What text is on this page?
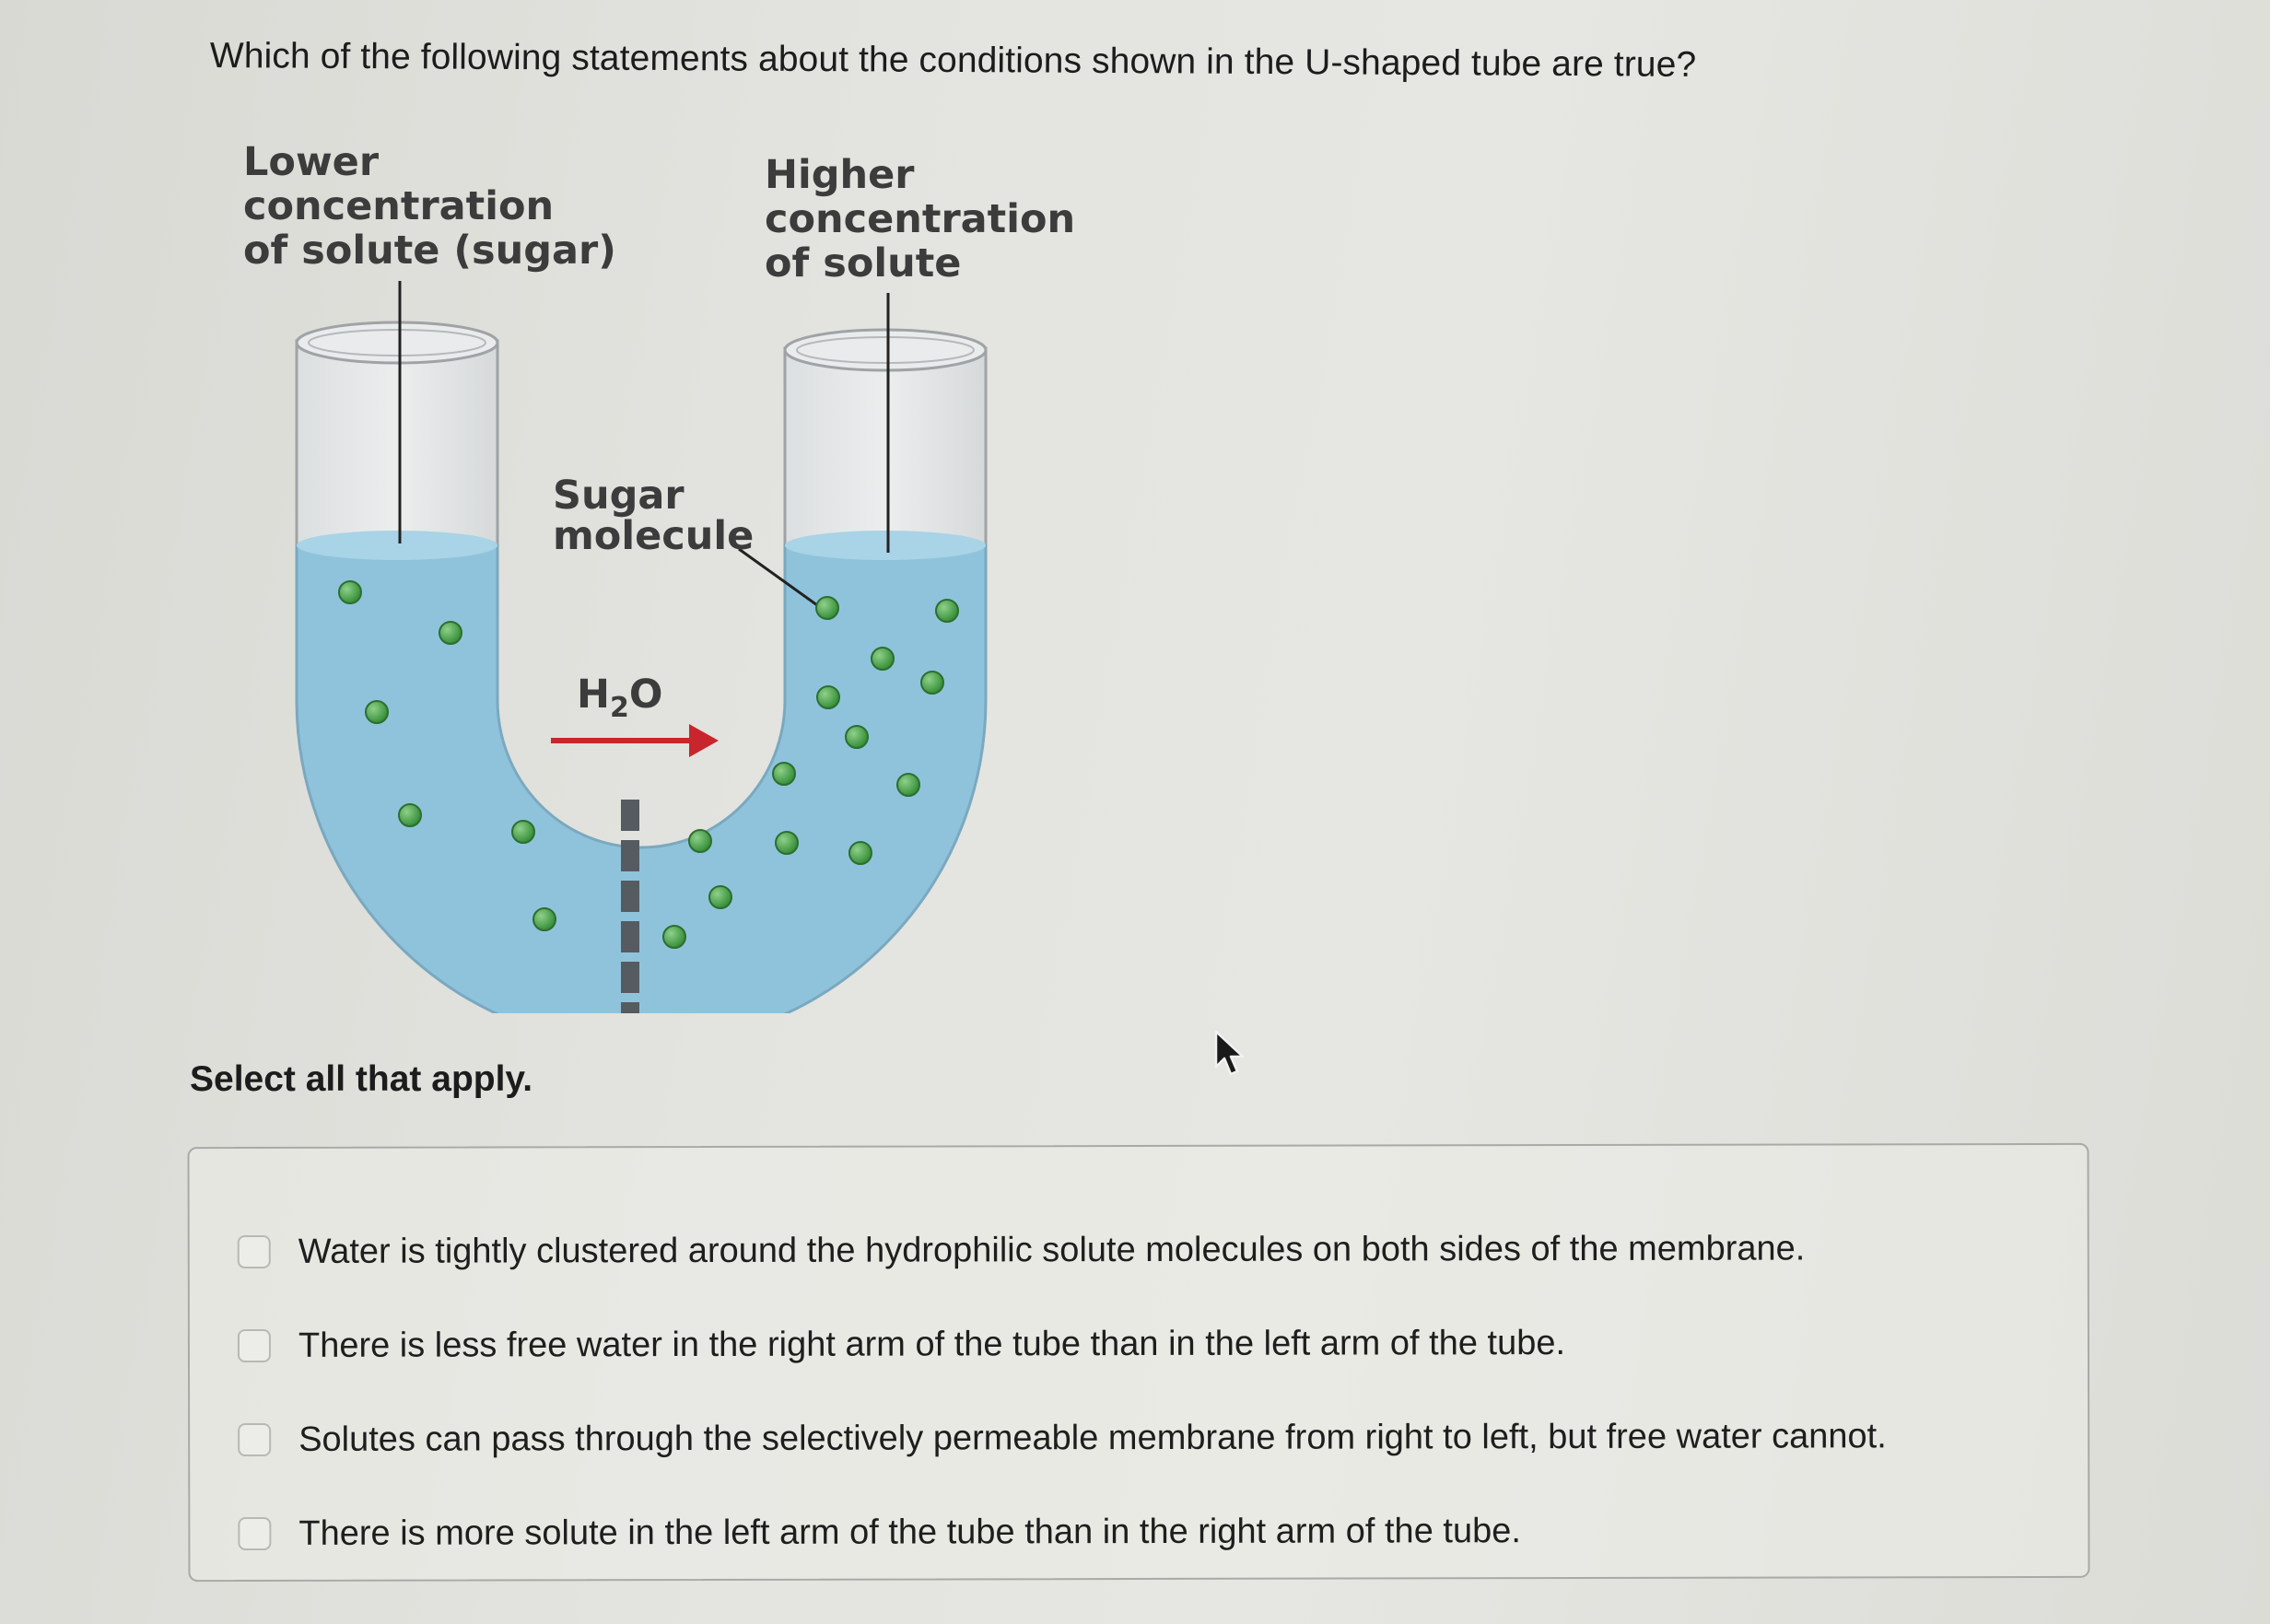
Which of the following statements about the conditions shown in the U-shaped tube are true?
Lower concentration of solute (sugar)
Higher concentration of solute
Sugar molecule
$H_2O$
Select all that apply.
Water is tightly clustered around the hydrophilic solute molecules on both sides of the membrane.
There is less free water in the right arm of the tube than in the left arm of the tube.
Solutes can pass through the selectively permeable membrane from right to left, but free water cannot.
There is more solute in the left arm of the tube than in the right arm of the tube.
